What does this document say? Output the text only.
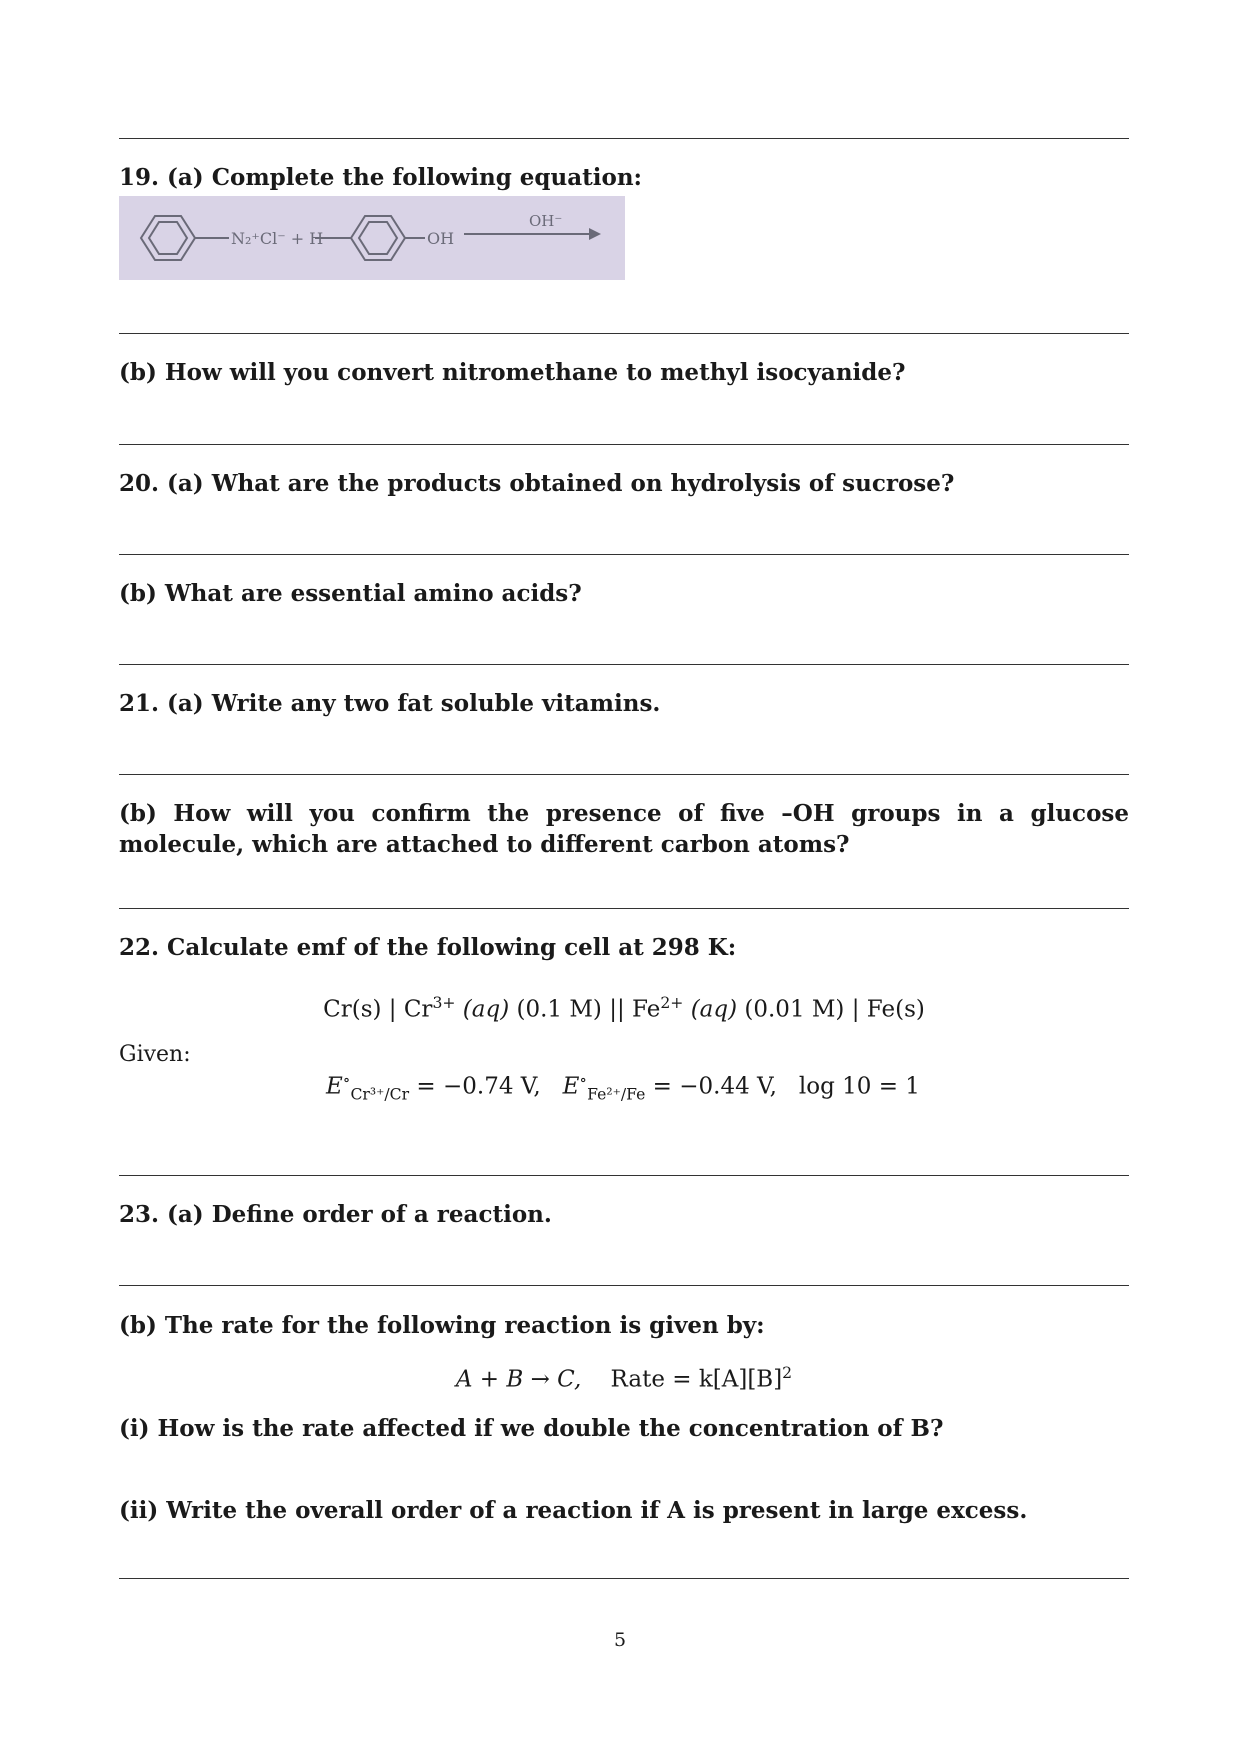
19. (a) Complete the following equation:
N₂⁺Cl⁻ + H	OH
OH⁻
(b) How will you convert nitromethane to methyl isocyanide?
20. (a) What are the products obtained on hydrolysis of sucrose?
(b) What are essential amino acids?
21. (a) Write any two fat soluble vitamins.
(b) How will you confirm the presence of five –OH groups in a glucose molecule, which are attached to different carbon atoms?
22. Calculate emf of the following cell at 298 K:
Cr(s) | $Cr^{3+}$ (aq) (0.1 M) || $Fe^{2+}$ (aq) (0.01 M) | Fe(s)
Given:
$E^\circ_{Cr^{3+}/Cr} = -0.74$ V, $E^\circ_{Fe^{2+}/Fe} = -0.44$ V, log 10 = 1
23. (a) Define order of a reaction.
(b) The rate for the following reaction is given by:
A + B → C, Rate = $k[A][B]^2$
(i) How is the rate affected if we double the concentration of B?
(ii) Write the overall order of a reaction if A is present in large excess.
5
